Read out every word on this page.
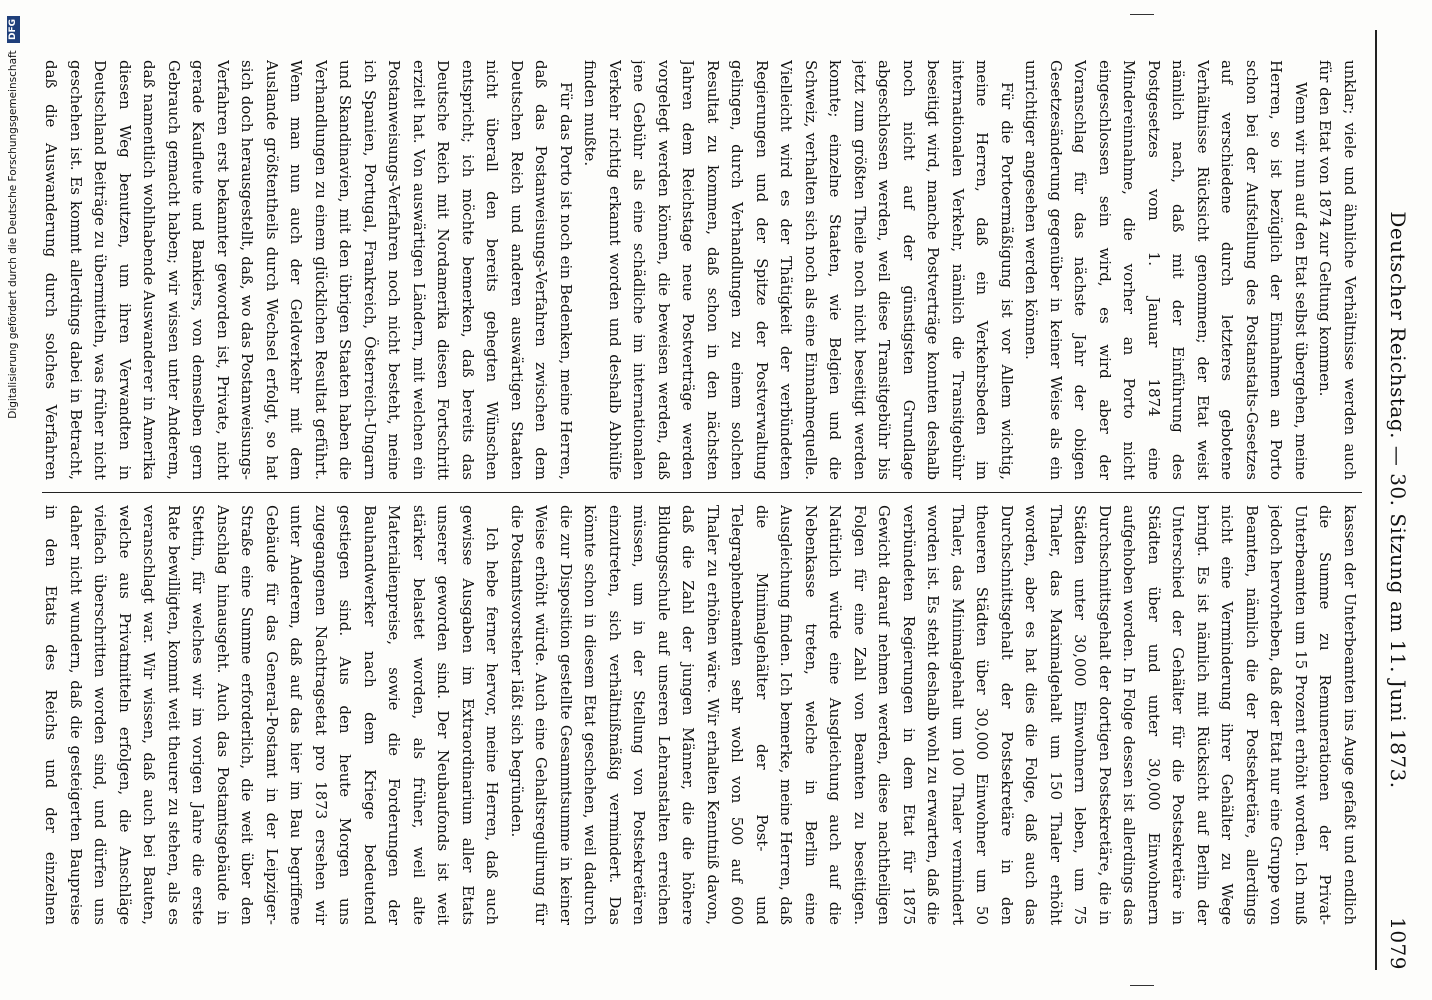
Deutscher Reichstag. — 30. Sitzung am 11. Juni 1873.
1079

unklar; viele und ähnliche Verhältnisse werden auch für den Etat von 1874 zur Geltung kommen.

Wenn wir nun auf den Etat selbst übergehen, meine Herren, so ist bezüglich der Einnahmen an Porto schon bei der Aufstellung des Postanstalts-Gesetzes auf verschiedene durch letzteres gebotene Verhältnisse Rücksicht genommen; der Etat weist nämlich nach, daß mit der Einführung des Postgesetzes vom 1. Januar 1874 eine Mindereinnahme, die vorher an Porto nicht eingeschlossen sein wird, es wird aber der Voranschlag für das nächste Jahr der obigen Gesetzesänderung gegenüber in keiner Weise als ein unrichtiger angesehen werden können.

Für die Portoermäßigung ist vor Allem wichtig, meine Herren, daß ein Verkehrsbeden im internationalen Verkehr, nämlich die Transitgebühr beseitigt wird, manche Postverträge konnten deshalb noch nicht auf der günstigsten Grundlage abgeschlossen werden, weil diese Transitgebühr bis jetzt zum größten Theile noch nicht beseitigt werden konnte; einzelne Staaten, wie Belgien und die Schweiz, verhalten sich noch als eine Einnahmequelle. Vielleicht wird es der Thätigkeit der verbündeten Regierungen und der Spitze der Postverwaltung gelingen, durch Verhandlungen zu einem solchen Resultat zu kommen, daß schon in den nächsten Jahren dem Reichstage neue Postverträge werden vorgelegt werden können, die beweisen werden, daß jene Gebühr als eine schädliche im internationalen Verkehr richtig erkannt worden und deshalb Abhülfe finden mußte.

Für das Porto ist noch ein Bedenken, meine Herren, daß das Postanweisungs-Verfahren zwischen dem Deutschen Reich und anderen auswärtigen Staaten nicht überall den bereits gehegten Wünschen entspricht; ich möchte bemerken, daß bereits das Deutsche Reich mit Nordamerika diesen Fortschritt erzielt hat. Von auswärtigen Ländern, mit welchen ein Postanweisungs-Verfahren noch nicht besteht, meine ich Spanien, Portugal, Frankreich, Österreich-Ungarn und Skandinavien, mit den übrigen Staaten haben die Verhandlungen zu einem glücklichen Resultat geführt. Wenn man nun auch der Geldverkehr mit dem Auslande größtentheils durch Wechsel erfolgt, so hat sich doch herausgestellt, daß, wo das Postanweisungs-Verfahren erst bekannter geworden ist, Private, nicht gerade Kaufleute und Bankiers, von demselben gern Gebrauch gemacht haben; wir wissen unter Anderem, daß namentlich wohlhabende Auswanderer in Amerika diesen Weg benutzen, um ihren Verwandten in Deutschland Beiträge zu übermitteln, was früher nicht geschehen ist. Es kommt allerdings dabei in Betracht, daß die Auswanderung durch solches Verfahren

kassen der Unterbeamten ins Auge gefaßt und endlich die Summe zu Remunerationen der Privat-Unterbeamten um 15 Prozent erhöht worden. Ich muß jedoch hervorheben, daß der Etat nur eine Gruppe von Beamten, nämlich die der Postsekretäre, allerdings nicht eine Verminderung ihrer Gehälter zu Wege bringt. Es ist nämlich mit Rücksicht auf Berlin der Unterschied der Gehälter für die Postsekretäre in Städten über und unter 30,000 Einwohnern aufgehoben worden. In Folge dessen ist allerdings das Durchschnittsgehalt der dortigen Postsekretäre, die in Städten unter 30,000 Einwohnern leben, um 75 Thaler, das Maximalgehalt um 150 Thaler erhöht worden, aber es hat dies die Folge, daß auch das Durchschnittsgehalt der Postsekretäre in den theueren Städten über 30,000 Einwohner um 50 Thaler, das Minimalgehalt um 100 Thaler vermindert worden ist. Es steht deshalb wohl zu erwarten, daß die verbündeten Regierungen in dem Etat für 1875 Gewicht darauf nehmen werden, diese nachtheiligen Folgen für eine Zahl von Beamten zu beseitigen. Natürlich würde eine Ausgleichung auch auf die Nebenkasse treten, welche in Berlin eine Ausgleichung finden. Ich bemerke, meine Herren, daß die Minimalgehälter der Post- und Telegraphenbeamten sehr wohl von 500 auf 600 Thaler zu erhöhen wäre. Wir erhalten Kenntniß davon, daß die Zahl der jungen Männer, die die höhere Bildungsschule auf unseren Lehranstalten erreichen müssen, um in der Stellung von Postsekretären einzutreten, sich verhältnißmäßig vermindert. Das könnte schon in diesem Etat geschehen, weil dadurch die zur Disposition gestellte Gesammtsumme in keiner Weise erhöht würde. Auch eine Gehaltsregulirung für die Postamtsvorsteher läßt sich begründen.

Ich hebe ferner hervor, meine Herren, daß auch gewisse Ausgaben im Extraordinarium aller Etats unserer geworden sind. Der Neubaufonds ist weit stärker belastet worden, als früher, weil alte Materialienpreise, sowie die Forderungen der Bauhandwerker nach dem Kriege bedeutend gestiegen sind. Aus den heute Morgen uns zugegangenen Nachtragsetat pro 1873 ersehen wir unter Anderem, daß auf das hier im Bau begriffene Gebäude für das General-Postamt in der Leipziger-Straße eine Summe erforderlich, die weit über den Anschlag hinausgeht. Auch das Postamtsgebäude in Stettin, für welches wir im vorigen Jahre die erste Rate bewilligten, kommt weit theurer zu stehen, als es veranschlagt war. Wir wissen, daß auch bei Bauten, welche aus Privatmitteln erfolgen, die Anschläge vielfach überschritten worden sind, und dürfen uns daher nicht wundern, daß die gesteigerten Baupreise in den Etats des Reichs und der einzelnen

Digitalisierung gefördert durch die Deutsche Forschungsgemeinschaft DFG
